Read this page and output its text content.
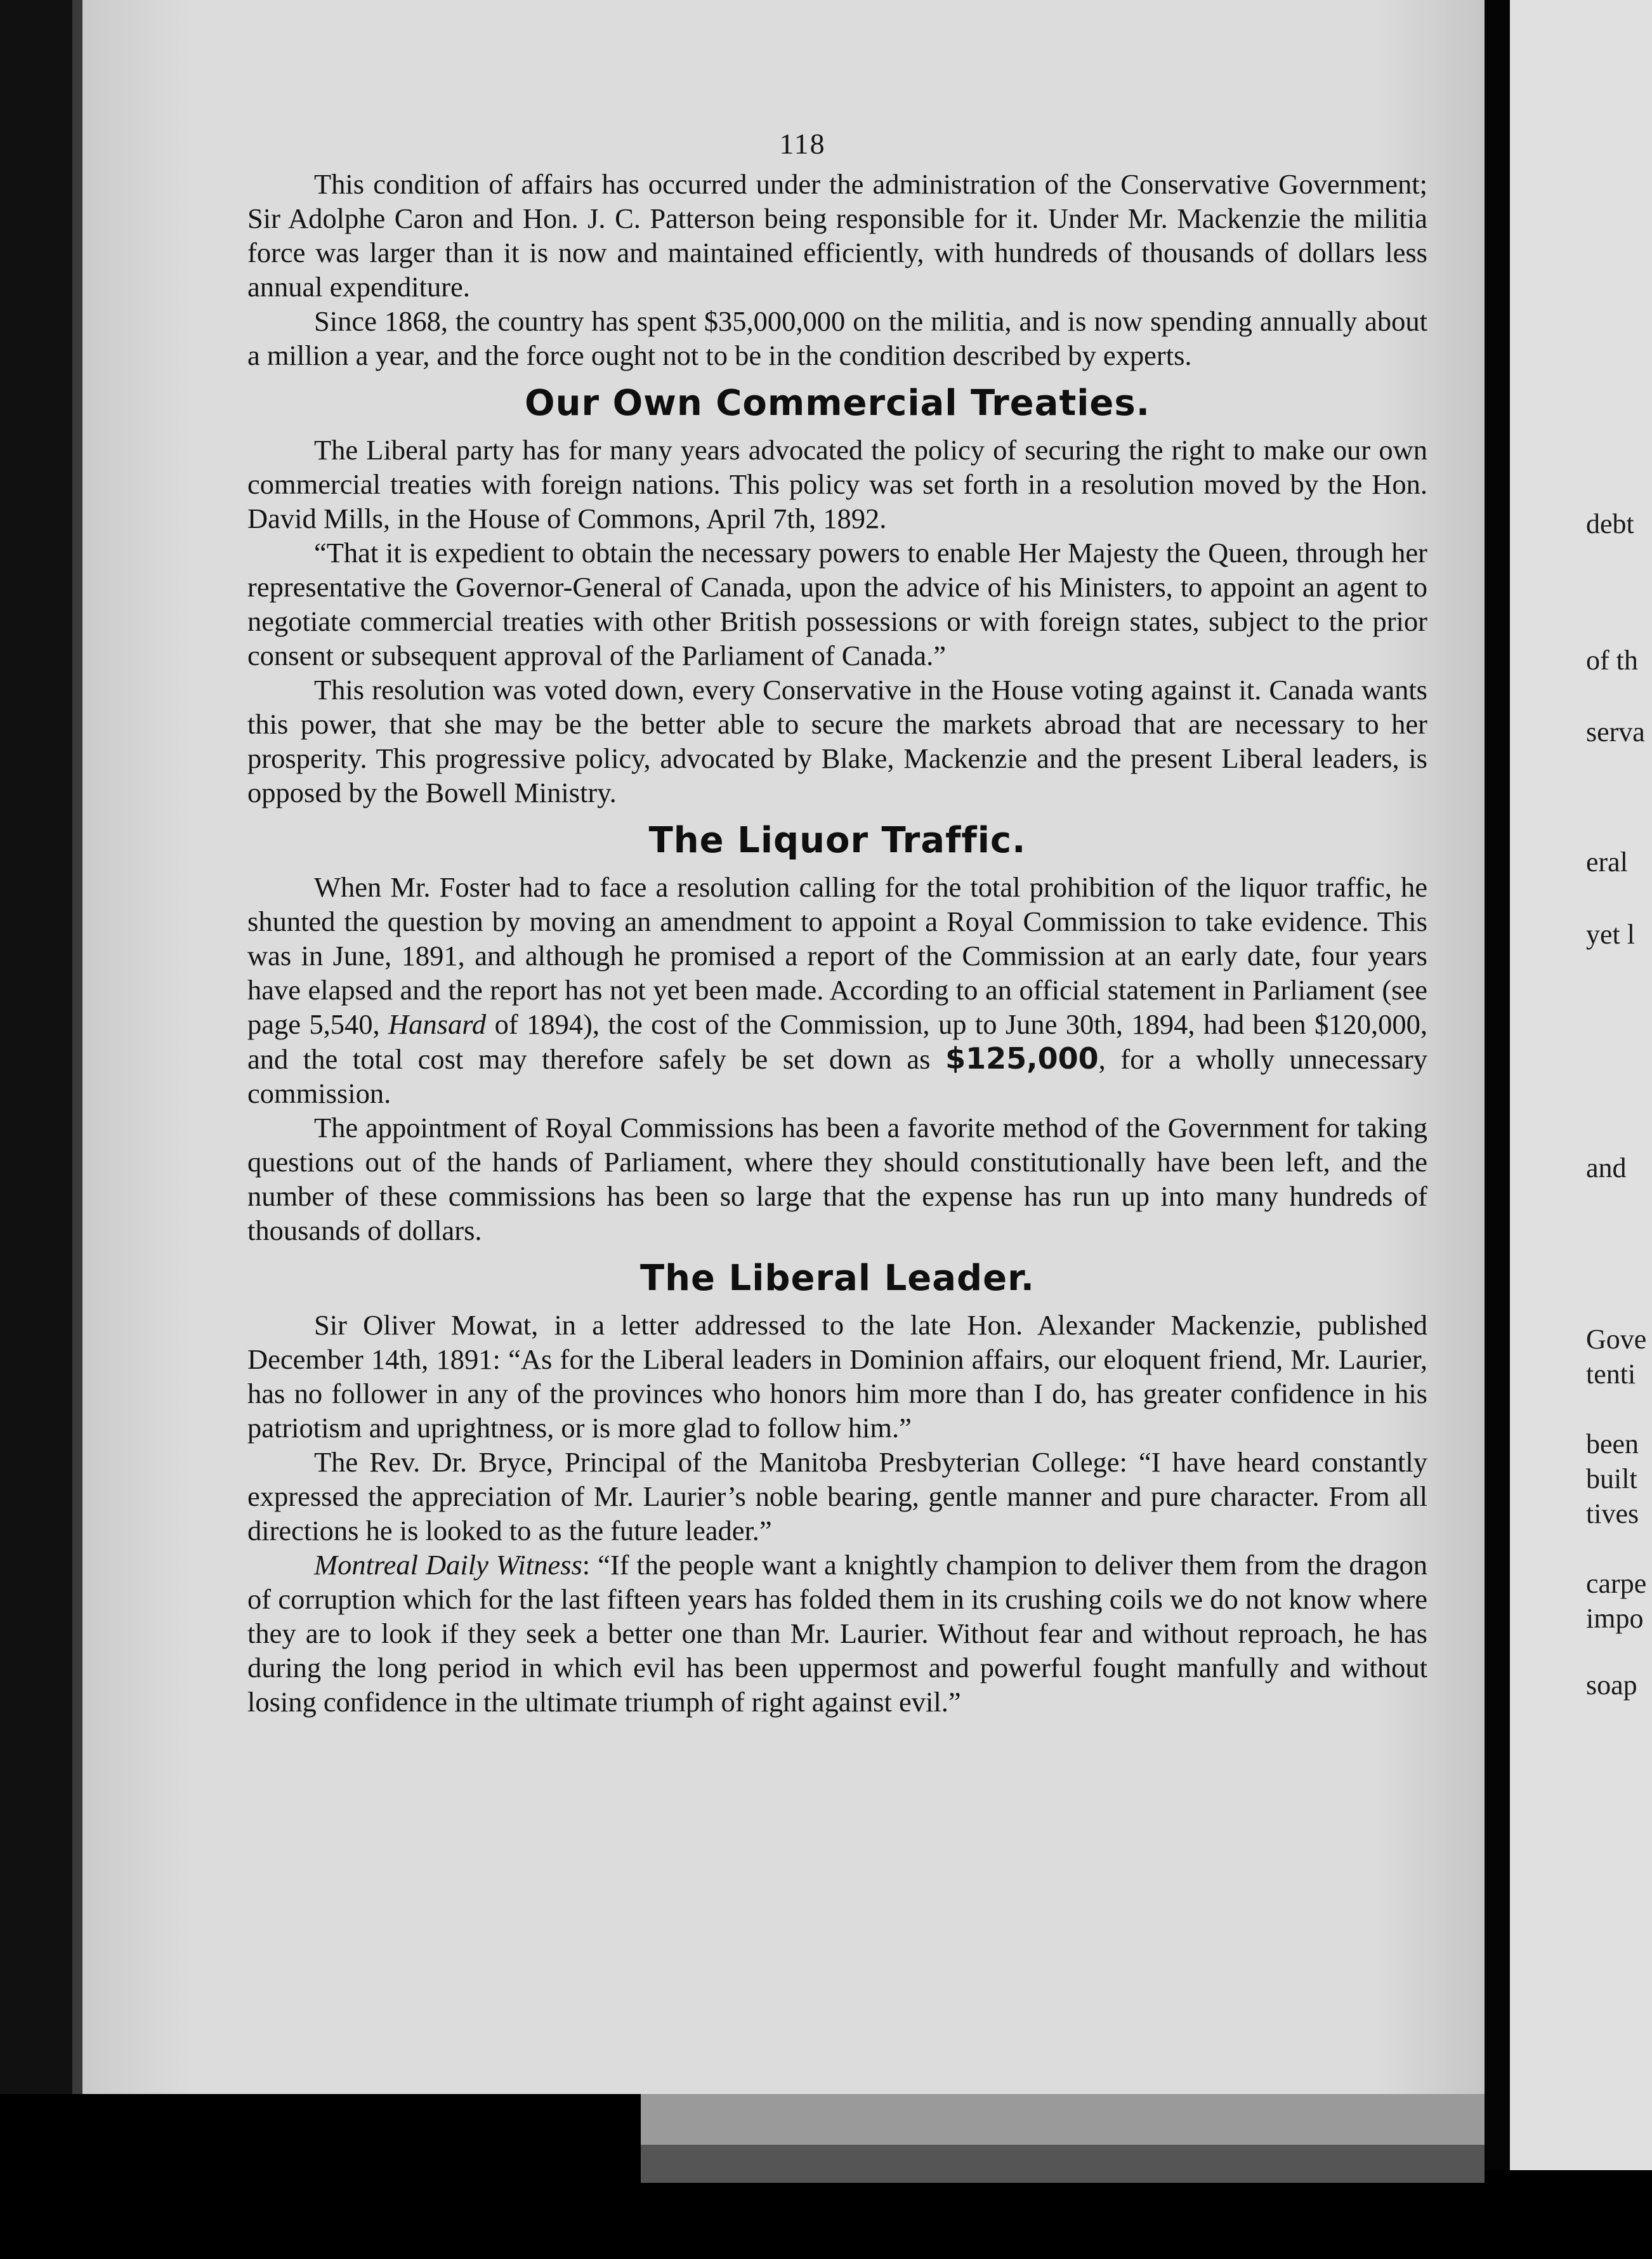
debt
of th
serva
eral
yet l
and
Gove
tenti
been
built
tives
carpe
impo
soap
118

This condition of affairs has occurred under the administration of the Conservative Government; Sir Adolphe Caron and Hon. J. C. Patterson being responsible for it. Under Mr. Mackenzie the militia force was larger than it is now and maintained efficiently, with hundreds of thousands of dollars less annual expenditure.

Since 1868, the country has spent $35,000,000 on the militia, and is now spending annually about a million a year, and the force ought not to be in the condition described by experts.

Our Own Commercial Treaties.

The Liberal party has for many years advocated the policy of securing the right to make our own commercial treaties with foreign nations. This policy was set forth in a resolution moved by the Hon. David Mills, in the House of Commons, April 7th, 1892.

“That it is expedient to obtain the necessary powers to enable Her Majesty the Queen, through her representative the Governor-General of Canada, upon the advice of his Ministers, to appoint an agent to negotiate commercial treaties with other British possessions or with foreign states, subject to the prior consent or subsequent approval of the Parliament of Canada.”

This resolution was voted down, every Conservative in the House voting against it. Canada wants this power, that she may be the better able to secure the markets abroad that are necessary to her prosperity. This progressive policy, advocated by Blake, Mackenzie and the present Liberal leaders, is opposed by the Bowell Ministry.

The Liquor Traffic.

When Mr. Foster had to face a resolution calling for the total prohibition of the liquor traffic, he shunted the question by moving an amendment to appoint a Royal Commission to take evidence. This was in June, 1891, and although he promised a report of the Commission at an early date, four years have elapsed and the report has not yet been made. According to an official statement in Parliament (see page 5,540, Hansard of 1894), the cost of the Commission, up to June 30th, 1894, had been $120,000, and the total cost may therefore safely be set down as $125,000, for a wholly unnecessary commission.

The appointment of Royal Commissions has been a favorite method of the Government for taking questions out of the hands of Parliament, where they should constitutionally have been left, and the number of these commissions has been so large that the expense has run up into many hundreds of thousands of dollars.

The Liberal Leader.

Sir Oliver Mowat, in a letter addressed to the late Hon. Alexander Mackenzie, published December 14th, 1891: “As for the Liberal leaders in Dominion affairs, our eloquent friend, Mr. Laurier, has no follower in any of the provinces who honors him more than I do, has greater confidence in his patriotism and uprightness, or is more glad to follow him.”

The Rev. Dr. Bryce, Principal of the Manitoba Presbyterian College: “I have heard constantly expressed the appreciation of Mr. Laurier’s noble bearing, gentle manner and pure character. From all directions he is looked to as the future leader.”

Montreal Daily Witness: “If the people want a knightly champion to deliver them from the dragon of corruption which for the last fifteen years has folded them in its crushing coils we do not know where they are to look if they seek a better one than Mr. Laurier. Without fear and without reproach, he has during the long period in which evil has been uppermost and powerful fought manfully and without losing confidence in the ultimate triumph of right against evil.”
